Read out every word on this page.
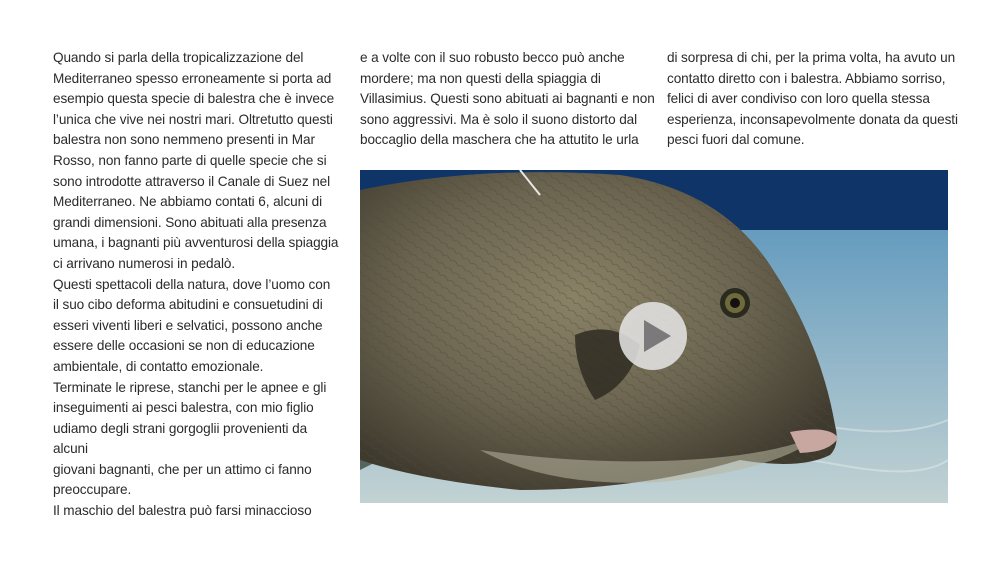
Quando si parla della tropicalizzazione del
Mediterraneo spesso erroneamente si porta ad
esempio questa specie di balestra che è invece
l’unica che vive nei nostri mari. Oltretutto questi
balestra non sono nemmeno presenti in Mar
Rosso, non fanno parte di quelle specie che si
sono introdotte attraverso il Canale di Suez nel
Mediterraneo. Ne abbiamo contati 6, alcuni di
grandi dimensioni. Sono abituati alla presenza
umana, i bagnanti più avventurosi della spiaggia
ci arrivano numerosi in pedalò.
Questi spettacoli della natura, dove l’uomo con
il suo cibo deforma abitudini e consuetudini di
esseri viventi liberi e selvatici, possono anche
essere delle occasioni se non di educazione
ambientale, di contatto emozionale.
Terminate le riprese, stanchi per le apnee e gli
inseguimenti ai pesci balestra, con mio figlio
udiamo degli strani gorgoglii provenienti da alcuni
giovani bagnanti, che per un attimo ci fanno
preoccupare.
Il maschio del balestra può farsi minaccioso
e a volte con il suo robusto becco può anche
mordere; ma non questi della spiaggia di
Villasimius. Questi sono abituati ai bagnanti e non
sono aggressivi. Ma è solo il suono distorto dal
boccaglio della maschera che ha attutito le urla
di sorpresa di chi, per la prima volta, ha avuto un
contatto diretto con i balestra. Abbiamo sorriso,
felici di aver condiviso con loro quella stessa
esperienza, inconsapevolmente donata da questi
pesci fuori dal comune.
